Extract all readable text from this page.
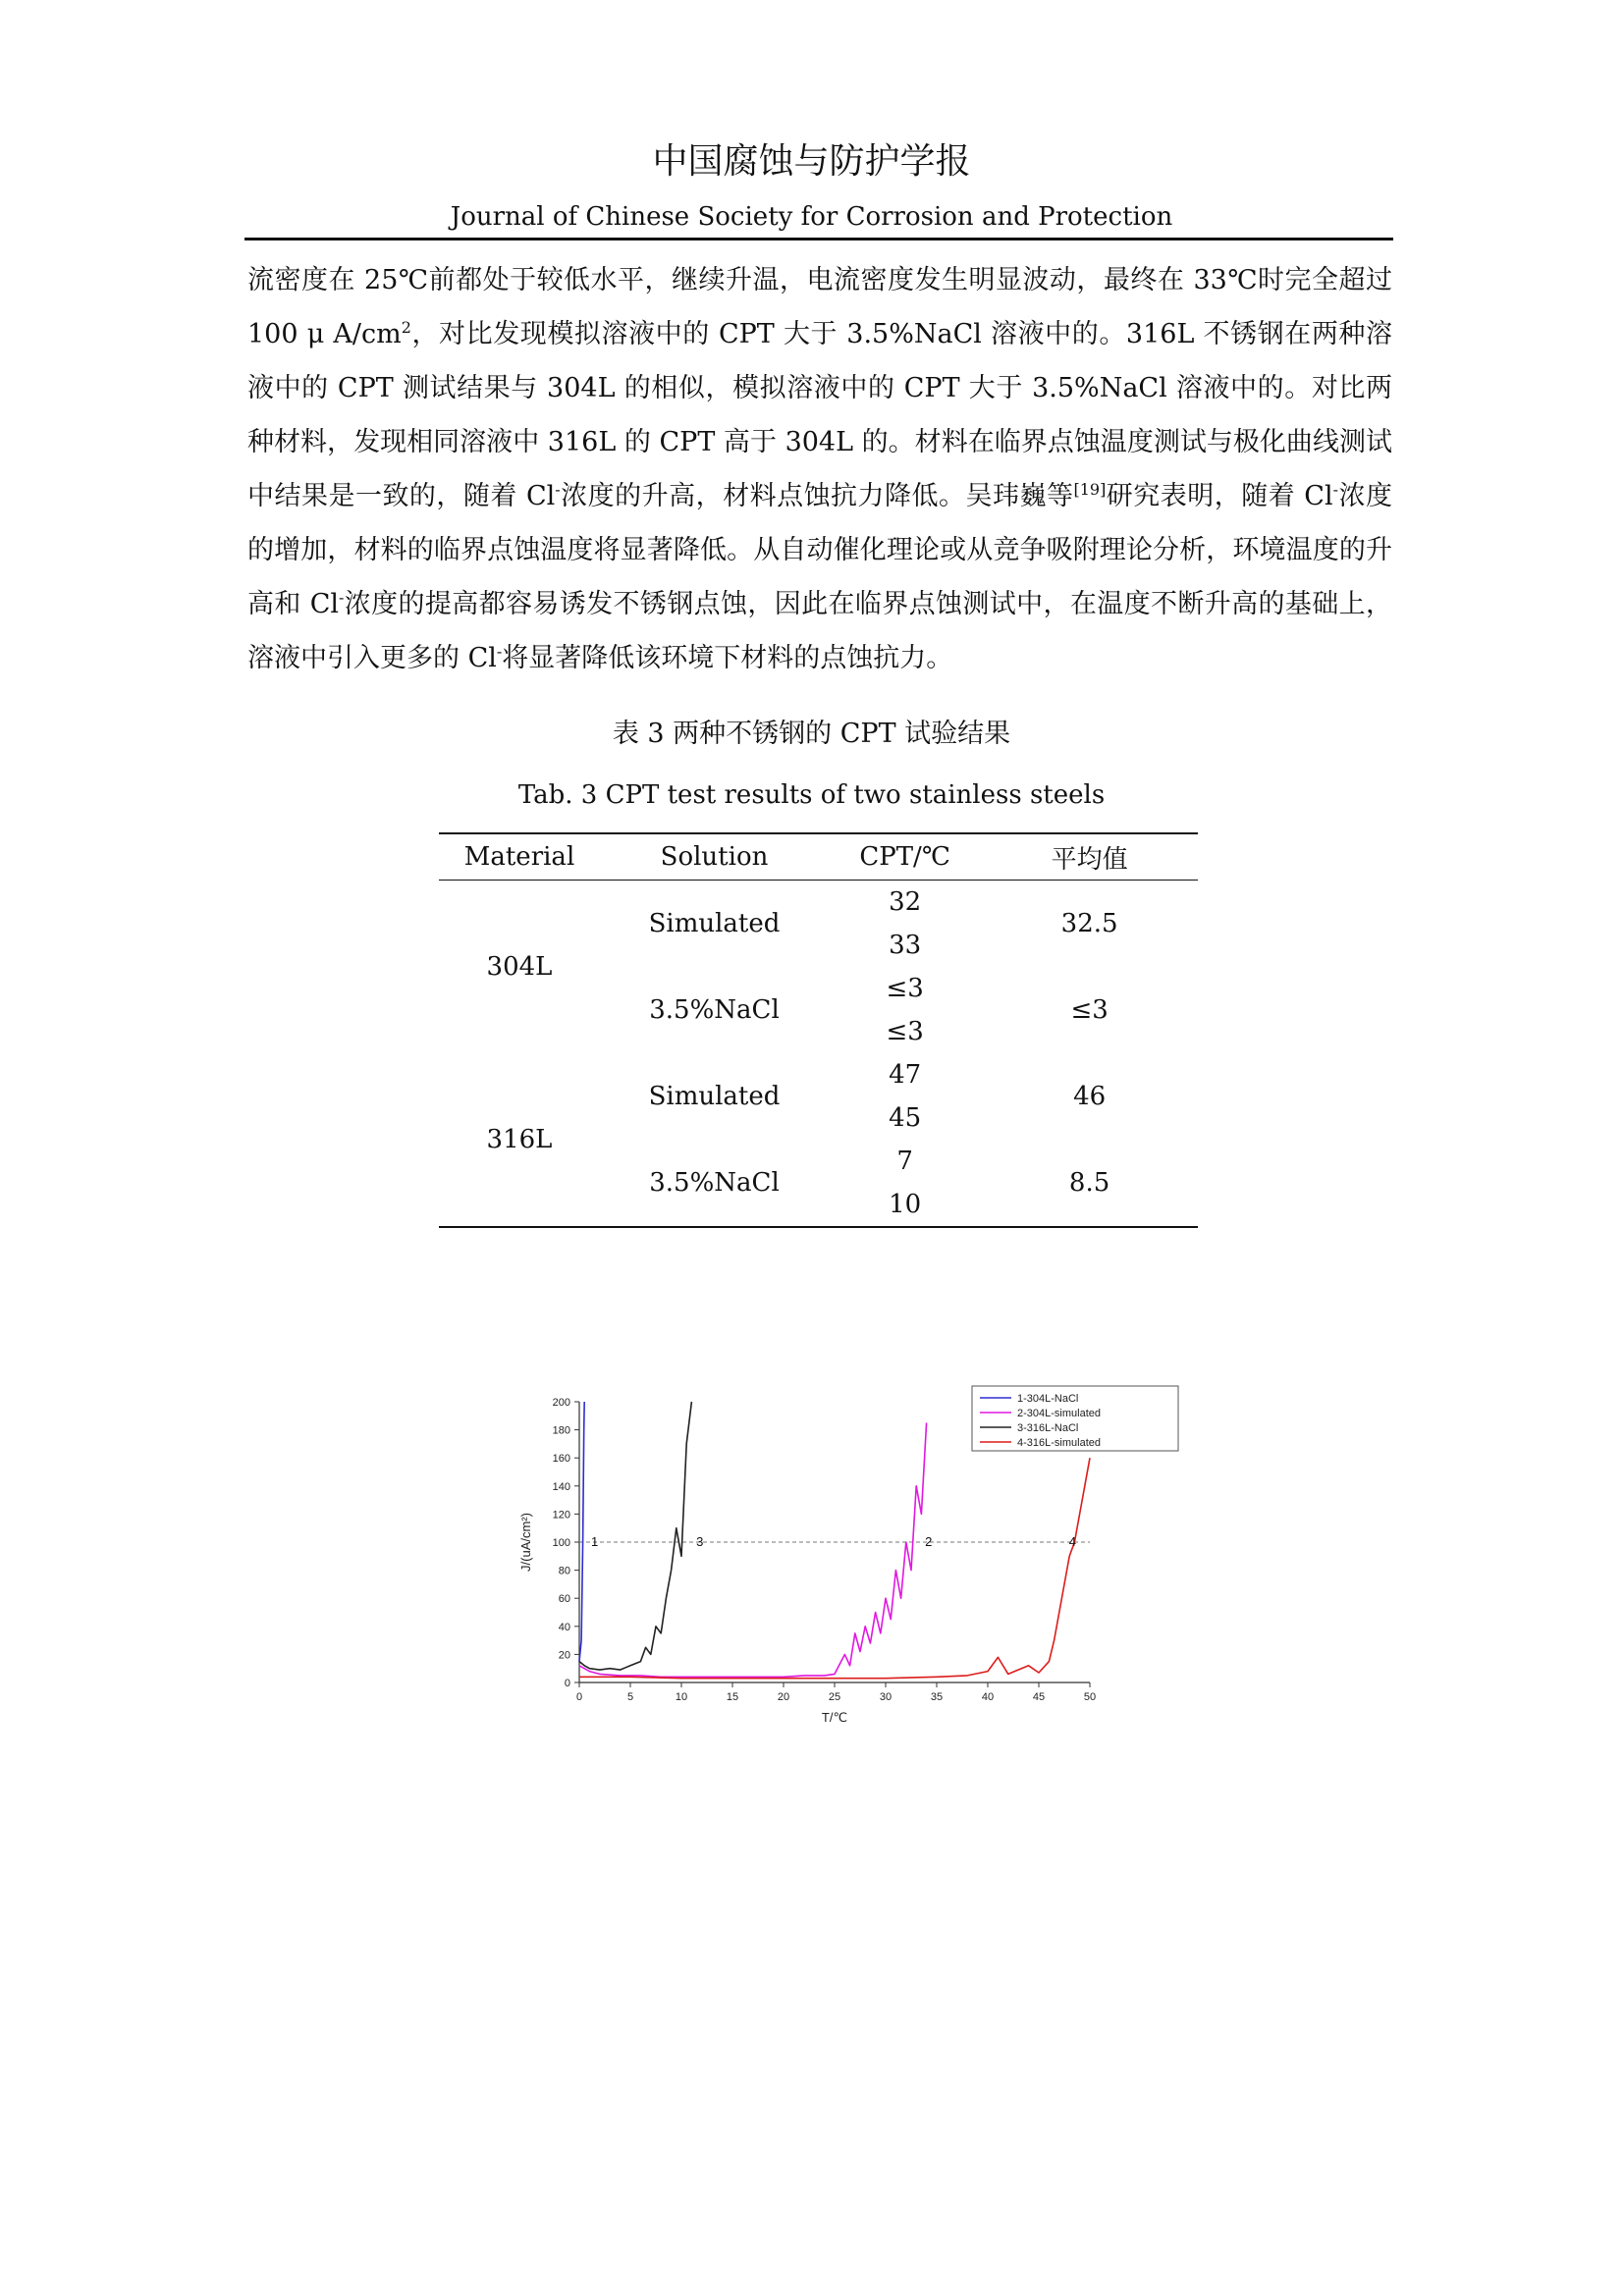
中国腐蚀与防护学报
Journal of Chinese Society for Corrosion and Protection

流密度在 25℃前都处于较低水平，继续升温，电流密度发生明显波动，最终在 33℃时完全超过 100 μ $A/cm^2$，对比发现模拟溶液中的 CPT 大于 3.5%NaCl 溶液中的。316L 不锈钢在两种溶液中的 CPT 测试结果与 304L 的相似，模拟溶液中的 CPT 大于 3.5%NaCl 溶液中的。对比两种材料，发现相同溶液中 316L 的 CPT 高于 304L 的。材料在临界点蚀温度测试与极化曲线测试中结果是一致的，随着 Cl-浓度的升高，材料点蚀抗力降低。吴玮巍等[19]研究表明，随着 Cl-浓度的增加，材料的临界点蚀温度将显著降低。从自动催化理论或从竞争吸附理论分析，环境温度的升高和 Cl-浓度的提高都容易诱发不锈钢点蚀，因此在临界点蚀测试中，在温度不断升高的基础上，溶液中引入更多的 Cl-将显著降低该环境下材料的点蚀抗力。

表 3 两种不锈钢的 CPT 试验结果
Tab. 3 CPT test results of two stainless steels
Material	Solution	CPT/℃	平均值
304L	Simulated	32	32.5
		33	
	3.5%NaCl	≤3	≤3
		≤3	
316L	Simulated	47	46
		45	
	3.5%NaCl	7	8.5
		10	
0	5	10	15	20	25	30	35	40	45	50
0
20
40
60
80
100
120
140
160
180
200
T/℃
J/(uA/cm²)	1	3	2	4
1-304L-NaCl
2-304L-simulated
3-316L-NaCl
4-316L-simulated
